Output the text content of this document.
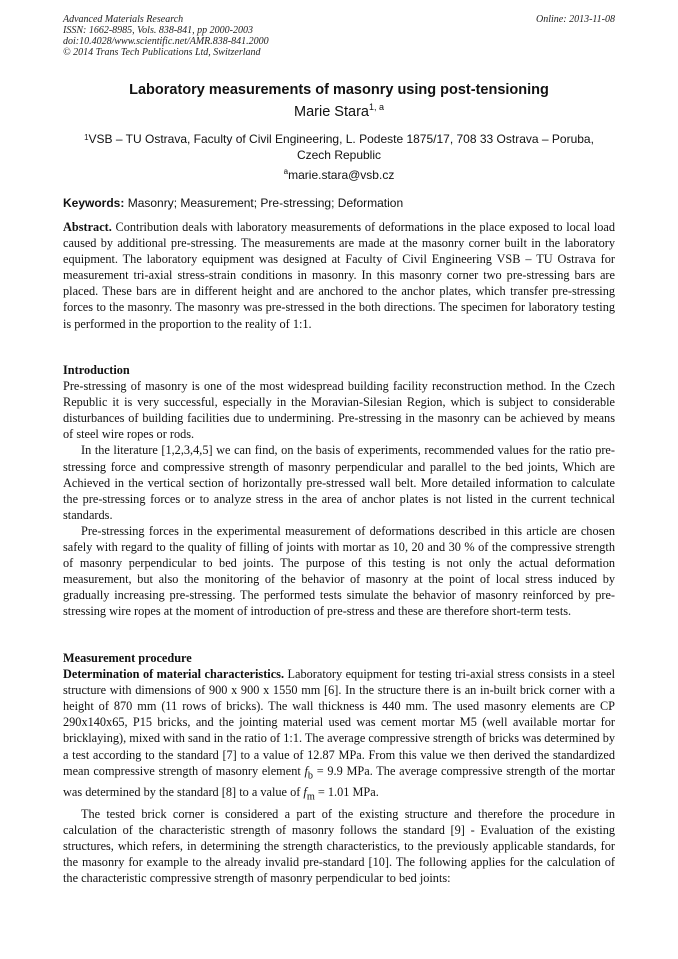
Advanced Materials Research
ISSN: 1662-8985, Vols. 838-841, pp 2000-2003
doi:10.4028/www.scientific.net/AMR.838-841.2000
© 2014 Trans Tech Publications Ltd, Switzerland
Online: 2013-11-08
Laboratory measurements of masonry using post-tensioning
Marie Stara$^{1, a}$
$^1$VSB – TU Ostrava, Faculty of Civil Engineering, L. Podeste 1875/17, 708 33 Ostrava – Poruba, Czech Republic
$^a$marie.stara@vsb.cz
Keywords: Masonry; Measurement; Pre-stressing; Deformation

Abstract. Contribution deals with laboratory measurements of deformations in the place exposed to local load caused by additional pre-stressing. The measurements are made at the masonry corner built in the laboratory equipment. The laboratory equipment was designed at Faculty of Civil Engineering VSB – TU Ostrava for measurement tri-axial stress-strain conditions in masonry. In this masonry corner two pre-stressing bars are placed. These bars are in different height and are anchored to the anchor plates, which transfer pre-stressing forces to the masonry. The masonry was pre-stressed in the both directions. The specimen for laboratory testing is performed in the proportion to the reality of 1:1.

Introduction

Pre-stressing of masonry is one of the most widespread building facility reconstruction method. In the Czech Republic it is very successful, especially in the Moravian-Silesian Region, which is subject to considerable disturbances of building facilities due to undermining. Pre-stressing in the masonry can be achieved by means of steel wire ropes or rods.

In the literature [1,2,3,4,5] we can find, on the basis of experiments, recommended values for the ratio pre-stressing force and compressive strength of masonry perpendicular and parallel to the bed joints, Which are Achieved in the vertical section of horizontally pre-stressed wall belt. More detailed information to calculate the pre-stressing forces or to analyze stress in the area of anchor plates is not listed in the current technical standards.

Pre-stressing forces in the experimental measurement of deformations described in this article are chosen safely with regard to the quality of filling of joints with mortar as 10, 20 and 30 % of the compressive strength of masonry perpendicular to bed joints. The purpose of this testing is not only the actual deformation measurement, but also the monitoring of the behavior of masonry at the point of local stress induced by gradually increasing pre-stressing. The performed tests simulate the behavior of masonry reinforced by pre-stressing wire ropes at the moment of introduction of pre-stress and these are therefore short-term tests.

Measurement procedure

Determination of material characteristics. Laboratory equipment for testing tri-axial stress consists in a steel structure with dimensions of 900 x 900 x 1550 mm [6]. In the structure there is an in-built brick corner with a height of 870 mm (11 rows of bricks). The wall thickness is 440 mm. The used masonry elements are CP 290x140x65, P15 bricks, and the jointing material used was cement mortar M5 (well available mortar for bricklaying), mixed with sand in the ratio of 1:1. The average compressive strength of bricks was determined by a test according to the standard [7] to a value of 12.87 MPa. From this value we then derived the standardized mean compressive strength of masonry element $f_b = 9.9$ MPa. The average compressive strength of the mortar was determined by the standard [8] to a value of $f_m = 1.01$ MPa.

The tested brick corner is considered a part of the existing structure and therefore the procedure in calculation of the characteristic strength of masonry follows the standard [9] - Evaluation of the existing structures, which refers, in determining the strength characteristics, to the previously applicable standards, for the masonry for example to the already invalid pre-standard [10]. The following applies for the calculation of the characteristic compressive strength of masonry perpendicular to bed joints:
